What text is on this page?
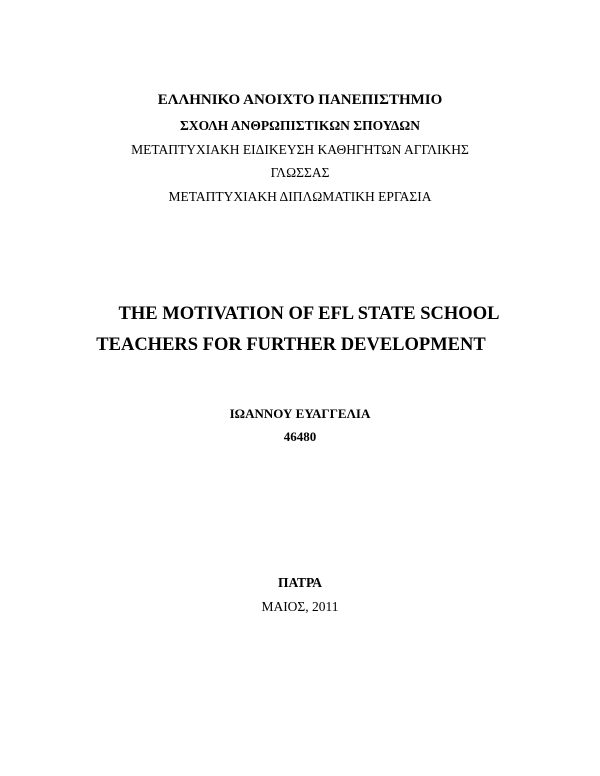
ΕΛΛΗΝΙΚΟ ΑΝΟΙΧΤΟ ΠΑΝΕΠΙΣΤΗΜΙΟ
ΣΧΟΛΗ ΑΝΘΡΩΠΙΣΤΙΚΩΝ ΣΠΟΥΔΩΝ
ΜΕΤΑΠΤΥΧΙΑΚΗ ΕΙΔΙΚΕΥΣΗ ΚΑΘΗΓΗΤΩΝ ΑΓΓΛΙΚΗΣ
ΓΛΩΣΣΑΣ
ΜΕΤΑΠΤΥΧΙΑΚΗ ΔΙΠΛΩΜΑΤΙΚΗ ΕΡΓΑΣΙΑ
THE MOTIVATION OF EFL STATE SCHOOL
TEACHERS FOR FURTHER DEVELOPMENT
ΙΩΑΝΝΟΥ ΕΥΑΓΓΕΛΙΑ
46480
ΠΑΤΡΑ
ΜΑΙΟΣ, 2011
